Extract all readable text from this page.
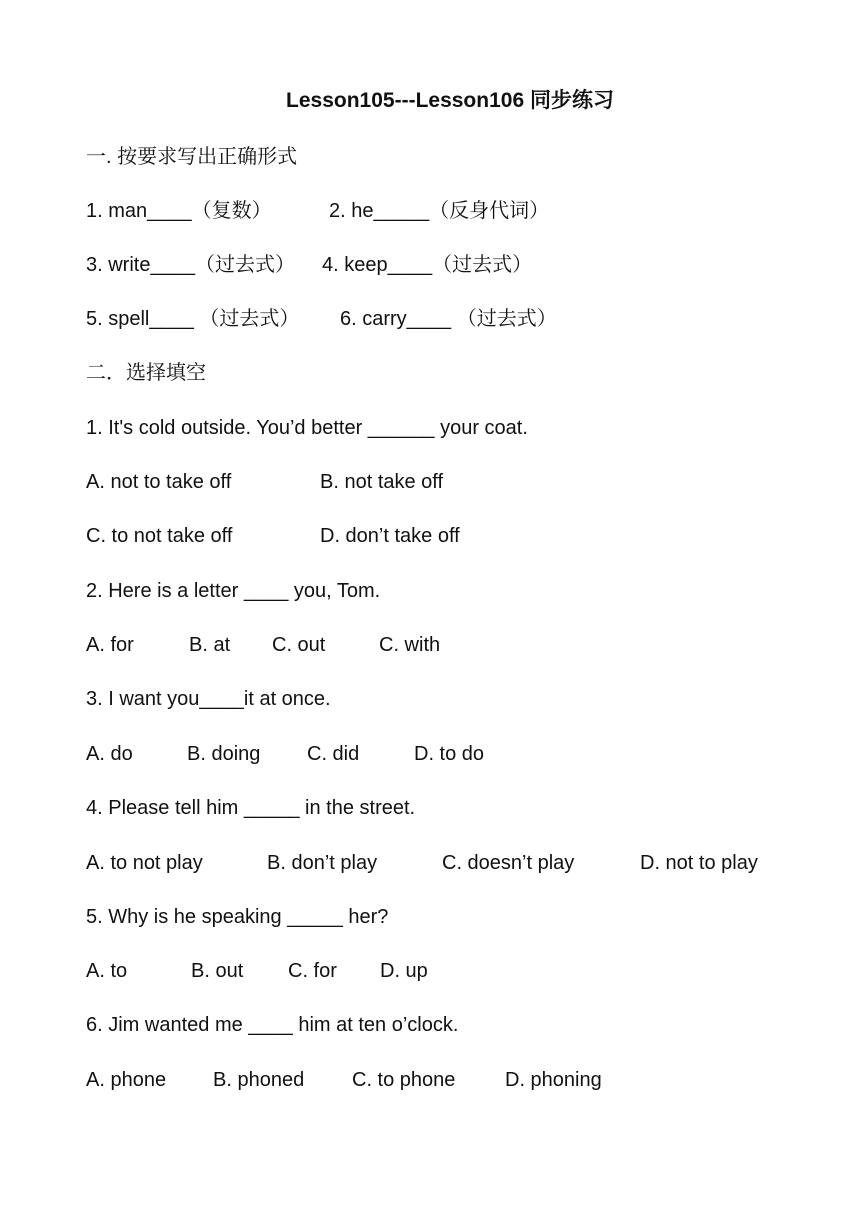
Lesson105---Lesson106 同步练习
一. 按要求写出正确形式
1. man____（复数）	2. he_____（反身代词）
3. write____（过去式） 4. keep____（过去式）
5. spell____ （过去式） 6. carry____ （过去式）
二．选择填空
1. It's cold outside. You’d better ______ your coat.
A. not to take off	B. not take off
C. to not take off	D. don’t take off
2. Here is a letter ____ you, Tom.
A. for	B. at C. out	C. with
3. I want you____it at once.
A. do	B. doing C. did	D. to do
4. Please tell him _____ in the street.
A. to not play	B. don’t play	C. doesn’t play	D. not to play
5. Why is he speaking _____ her?
A. to	B. out C. for D. up
6. Jim wanted me ____ him at ten o’clock.
A. phone B. phoned C. to phone D. phoning
